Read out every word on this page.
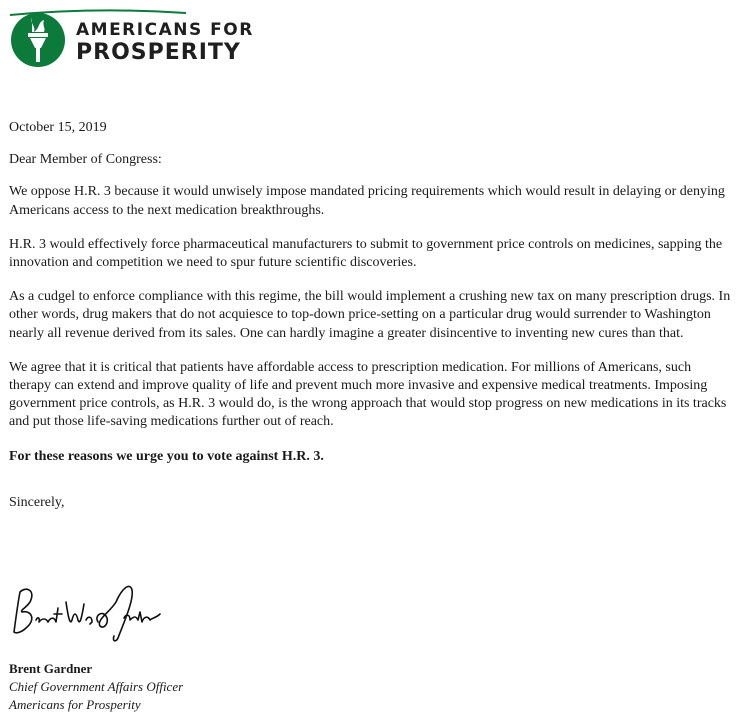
AMERICANS FOR
PROSPERITY

October 15, 2019

Dear Member of Congress:

We oppose H.R. 3 because it would unwisely impose mandated pricing requirements which would result in delaying or denying Americans access to the next medication breakthroughs.

H.R. 3 would effectively force pharmaceutical manufacturers to submit to government price controls on medicines, sapping the innovation and competition we need to spur future scientific discoveries.

As a cudgel to enforce compliance with this regime, the bill would implement a crushing new tax on many prescription drugs. In other words, drug makers that do not acquiesce to top-down price-setting on a particular drug would surrender to Washington nearly all revenue derived from its sales. One can hardly imagine a greater disincentive to inventing new cures than that.

We agree that it is critical that patients have affordable access to prescription medication. For millions of Americans, such therapy can extend and improve quality of life and prevent much more invasive and expensive medical treatments. Imposing government price controls, as H.R. 3 would do, is the wrong approach that would stop progress on new medications in its tracks and put those life-saving medications further out of reach.

For these reasons we urge you to vote against H.R. 3.

Sincerely,

Brent Gardner
Chief Government Affairs Officer
Americans for Prosperity
